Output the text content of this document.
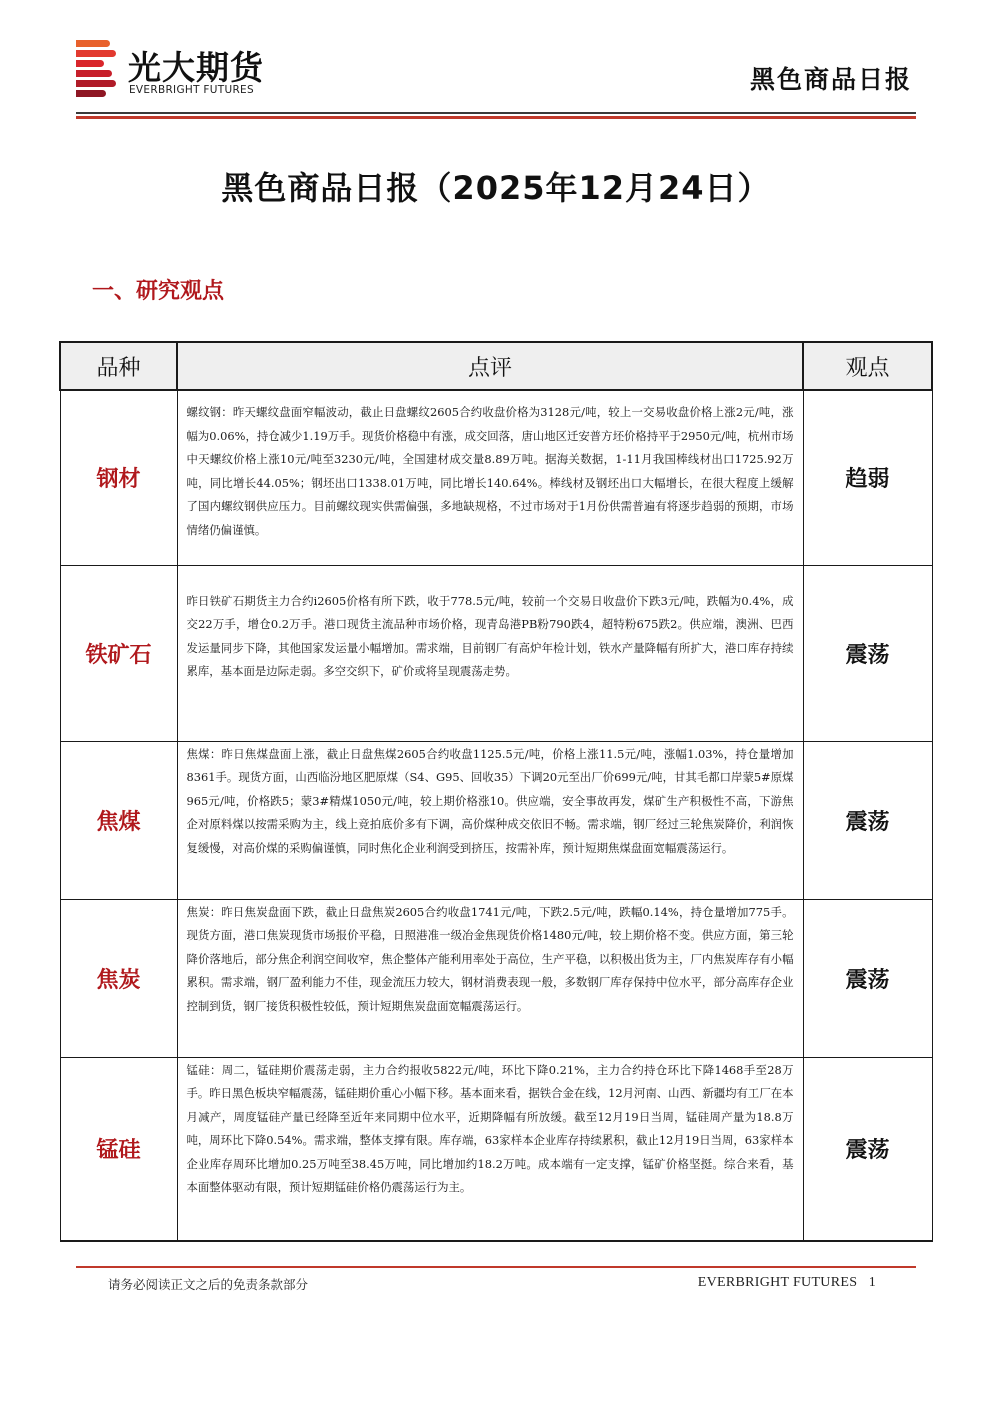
光大期货
EVERBRIGHT FUTURES	黑色商品日报
黑色商品日报（2025年12月24日）
一、研究观点
品种	点评	观点
钢材	螺纹钢：昨天螺纹盘面窄幅波动，截止日盘螺纹2605合约收盘价格为3128元/吨，较上一交易收盘价格上涨2元/吨，涨幅为0.06%，持仓减少1.19万手。现货价格稳中有涨，成交回落，唐山地区迁安普方坯价格持平于2950元/吨，杭州市场中天螺纹价格上涨10元/吨至3230元/吨，全国建材成交量8.89万吨。据海关数据，1-11月我国棒线材出口1725.92万吨，同比增长44.05%；钢坯出口1338.01万吨，同比增长140.64%。棒线材及钢坯出口大幅增长，在很大程度上缓解了国内螺纹钢供应压力。目前螺纹现实供需偏强，多地缺规格，不过市场对于1月份供需普遍有将逐步趋弱的预期，市场情绪仍偏谨慎。	趋弱
铁矿石	昨日铁矿石期货主力合约i2605价格有所下跌，收于778.5元/吨，较前一个交易日收盘价下跌3元/吨，跌幅为0.4%，成交22万手，增仓0.2万手。港口现货主流品种市场价格，现青岛港PB粉790跌4，超特粉675跌2。供应端，澳洲、巴西发运量同步下降，其他国家发运量小幅增加。需求端，目前钢厂有高炉年检计划，铁水产量降幅有所扩大，港口库存持续累库，基本面是边际走弱。多空交织下，矿价或将呈现震荡走势。	震荡
焦煤	焦煤：昨日焦煤盘面上涨，截止日盘焦煤2605合约收盘1125.5元/吨，价格上涨11.5元/吨，涨幅1.03%，持仓量增加8361手。现货方面，山西临汾地区肥原煤（S4、G95、回收35）下调20元至出厂价699元/吨，甘其毛都口岸蒙5#原煤965元/吨，价格跌5；蒙3#精煤1050元/吨，较上期价格涨10。供应端，安全事故再发，煤矿生产积极性不高，下游焦企对原料煤以按需采购为主，线上竞拍底价多有下调，高价煤种成交依旧不畅。需求端，钢厂经过三轮焦炭降价，利润恢复缓慢，对高价煤的采购偏谨慎，同时焦化企业利润受到挤压，按需补库，预计短期焦煤盘面宽幅震荡运行。	震荡
焦炭	焦炭：昨日焦炭盘面下跌，截止日盘焦炭2605合约收盘1741元/吨，下跌2.5元/吨，跌幅0.14%，持仓量增加775手。现货方面，港口焦炭现货市场报价平稳，日照港准一级冶金焦现货价格1480元/吨，较上期价格不变。供应方面，第三轮降价落地后，部分焦企利润空间收窄，焦企整体产能利用率处于高位，生产平稳，以积极出货为主，厂内焦炭库存有小幅累积。需求端，钢厂盈利能力不佳，现金流压力较大，钢材消费表现一般，多数钢厂库存保持中位水平，部分高库存企业控制到货，钢厂接货积极性较低，预计短期焦炭盘面宽幅震荡运行。	震荡
锰硅	锰硅：周二，锰硅期价震荡走弱，主力合约报收5822元/吨，环比下降0.21%，主力合约持仓环比下降1468手至28万手。昨日黑色板块窄幅震荡，锰硅期价重心小幅下移。基本面来看，据铁合金在线，12月河南、山西、新疆均有工厂在本月减产，周度锰硅产量已经降至近年来同期中位水平，近期降幅有所放缓。截至12月19日当周，锰硅周产量为18.8万吨，周环比下降0.54%。需求端，整体支撑有限。库存端，63家样本企业库存持续累积，截止12月19日当周，63家样本企业库存周环比增加0.25万吨至38.45万吨，同比增加约18.2万吨。成本端有一定支撑，锰矿价格坚挺。综合来看，基本面整体驱动有限，预计短期锰硅价格仍震荡运行为主。	震荡
请务必阅读正文之后的免责条款部分	EVERBRIGHT FUTURES 1
